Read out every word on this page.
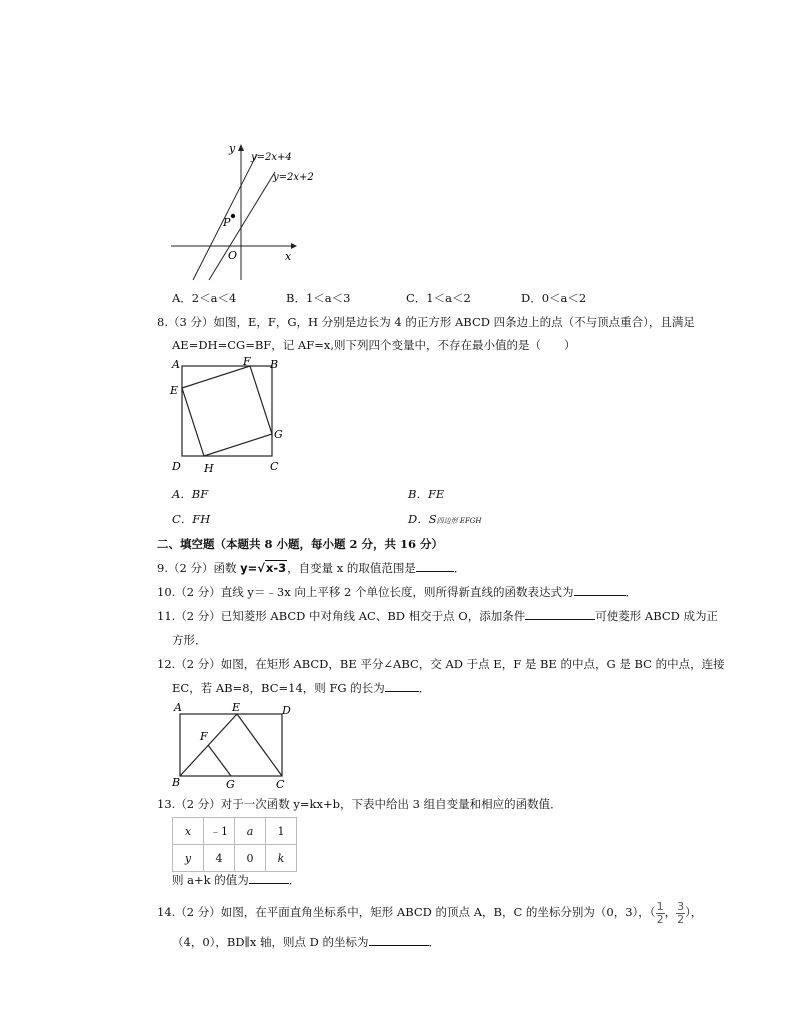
y
x
O
P
y=2x+4
y=2x+2
A．2＜a＜4	B．1＜a＜3	C．1＜a＜2	D．0＜a＜2
8.（3 分）如图，E，F，G，H 分别是边长为 4 的正方形 ABCD 四条边上的点（不与顶点重合），且满足
AE=DH=CG=BF，记 AF=x,则下列四个变量中，不存在最小值的是（　　）
A	F B
E
G
D H	C
A．BF	B．FE
C．FH	D．S四边形 EFGH
二、填空题（本题共 8 小题，每小题 2 分，共 16 分）
9.（2 分）函数 y=√x-3，自变量 x 的取值范围是	．
10.（2 分）直线 y＝﹣3x 向上平移 2 个单位长度，则所得新直线的函数表达式为	．
11.（2 分）已知菱形 ABCD 中对角线 AC、BD 相交于点 O，添加条件	可使菱形 ABCD 成为正
方形．
12.（2 分）如图，在矩形 ABCD，BE 平分∠ABC，交 AD 于点 E，F 是 BE 的中点，G 是 BC 的中点，连接
EC，若 AB=8，BC=14，则 FG 的长为	．
A	E	D
F
B	G	C
13.（2 分）对于一次函数 y=kx+b，下表中给出 3 组自变量和相应的函数值．
x	﹣1	a	1
y	4	0	k
则 a+k 的值为	．
14.（2 分）如图，在平面直角坐标系中，矩形 ABCD 的顶点 A，B，C 的坐标分别为（0，3），（ $\frac{1}{2}$ ， $\frac{3}{2}$ ），
（4，0），BD∥x 轴，则点 D 的坐标为	．
